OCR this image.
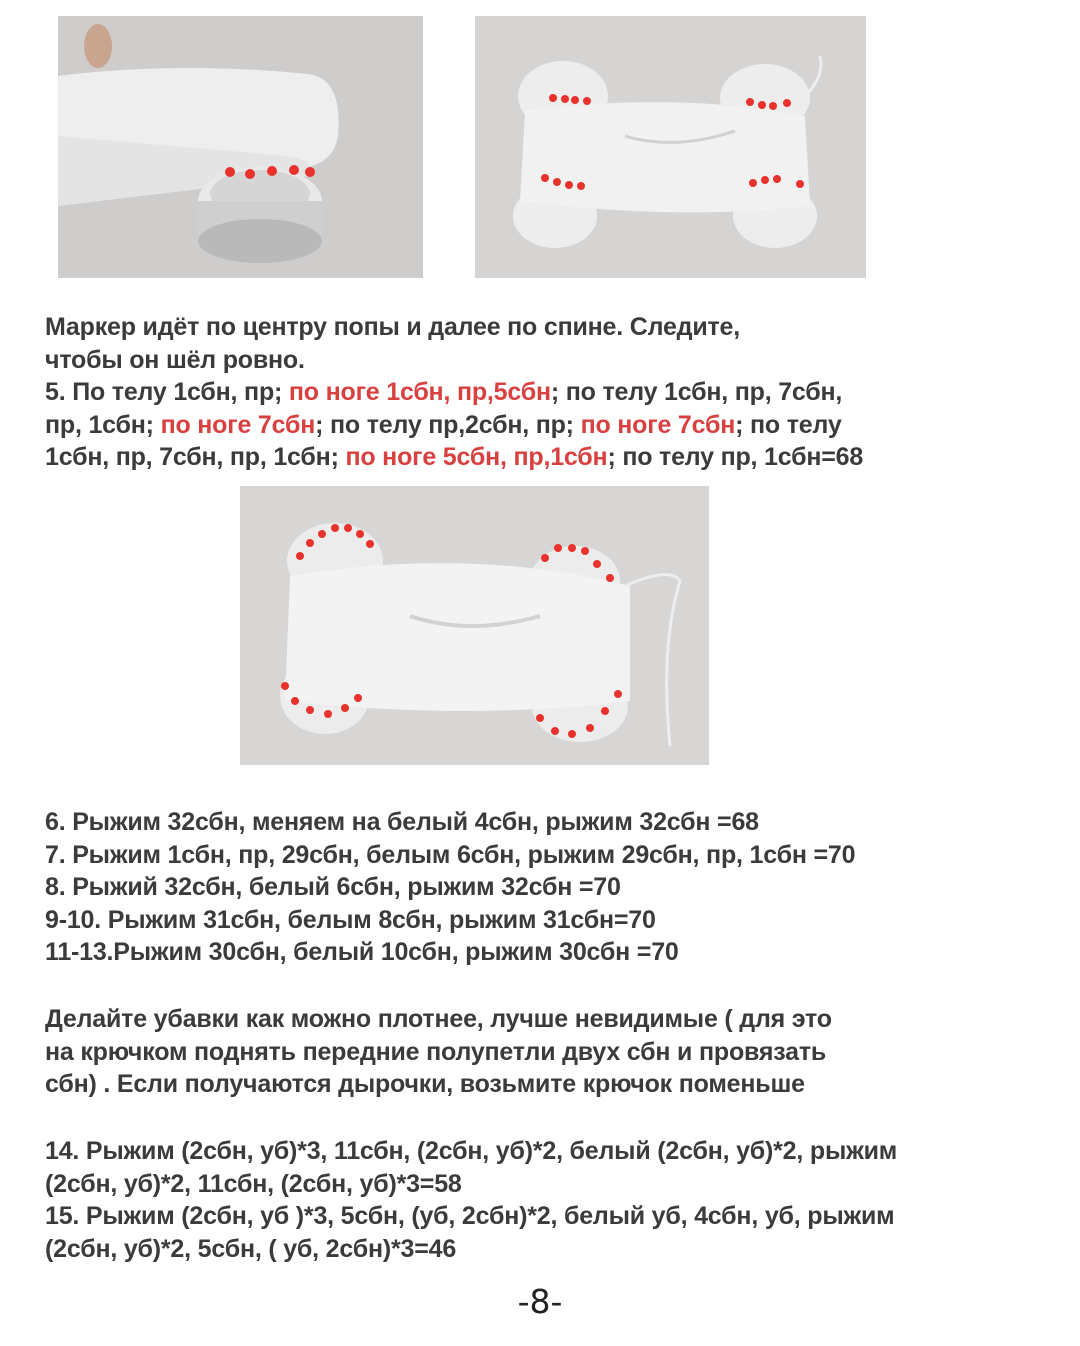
Маркер идёт по центру попы и далее по спине. Следите,
чтобы он шёл ровно.
5. По телу 1сбн, пр; по ноге 1сбн, пр,5сбн; по телу 1сбн, пр, 7сбн,
пр, 1сбн; по ноге 7сбн; по телу пр,2сбн, пр; по ноге 7сбн; по телу
1сбн, пр, 7сбн, пр, 1сбн; по ноге 5сбн, пр,1сбн; по телу пр, 1сбн=68
6. Рыжим 32сбн, меняем на белый 4сбн, рыжим 32сбн =68
7. Рыжим 1сбн, пр, 29сбн, белым 6сбн, рыжим 29сбн, пр, 1сбн =70
8. Рыжий 32сбн, белый 6сбн, рыжим 32сбн =70
9-10. Рыжим 31сбн, белым 8сбн, рыжим 31сбн=70
11-13.Рыжим 30сбн, белый 10сбн, рыжим 30сбн =70
Делайте убавки как можно плотнее, лучше невидимые ( для это
на крючком поднять передние полупетли двух сбн и провязать
сбн) . Если получаются дырочки, возьмите крючок поменьше
14. Рыжим (2сбн, уб)*3, 11сбн, (2сбн, уб)*2, белый (2сбн, уб)*2, рыжим
(2сбн, уб)*2, 11сбн, (2сбн, уб)*3=58
15. Рыжим (2сбн, уб )*3, 5сбн, (уб, 2сбн)*2, белый уб, 4сбн, уб, рыжим
(2сбн, уб)*2, 5сбн, ( уб, 2сбн)*3=46
-8-
